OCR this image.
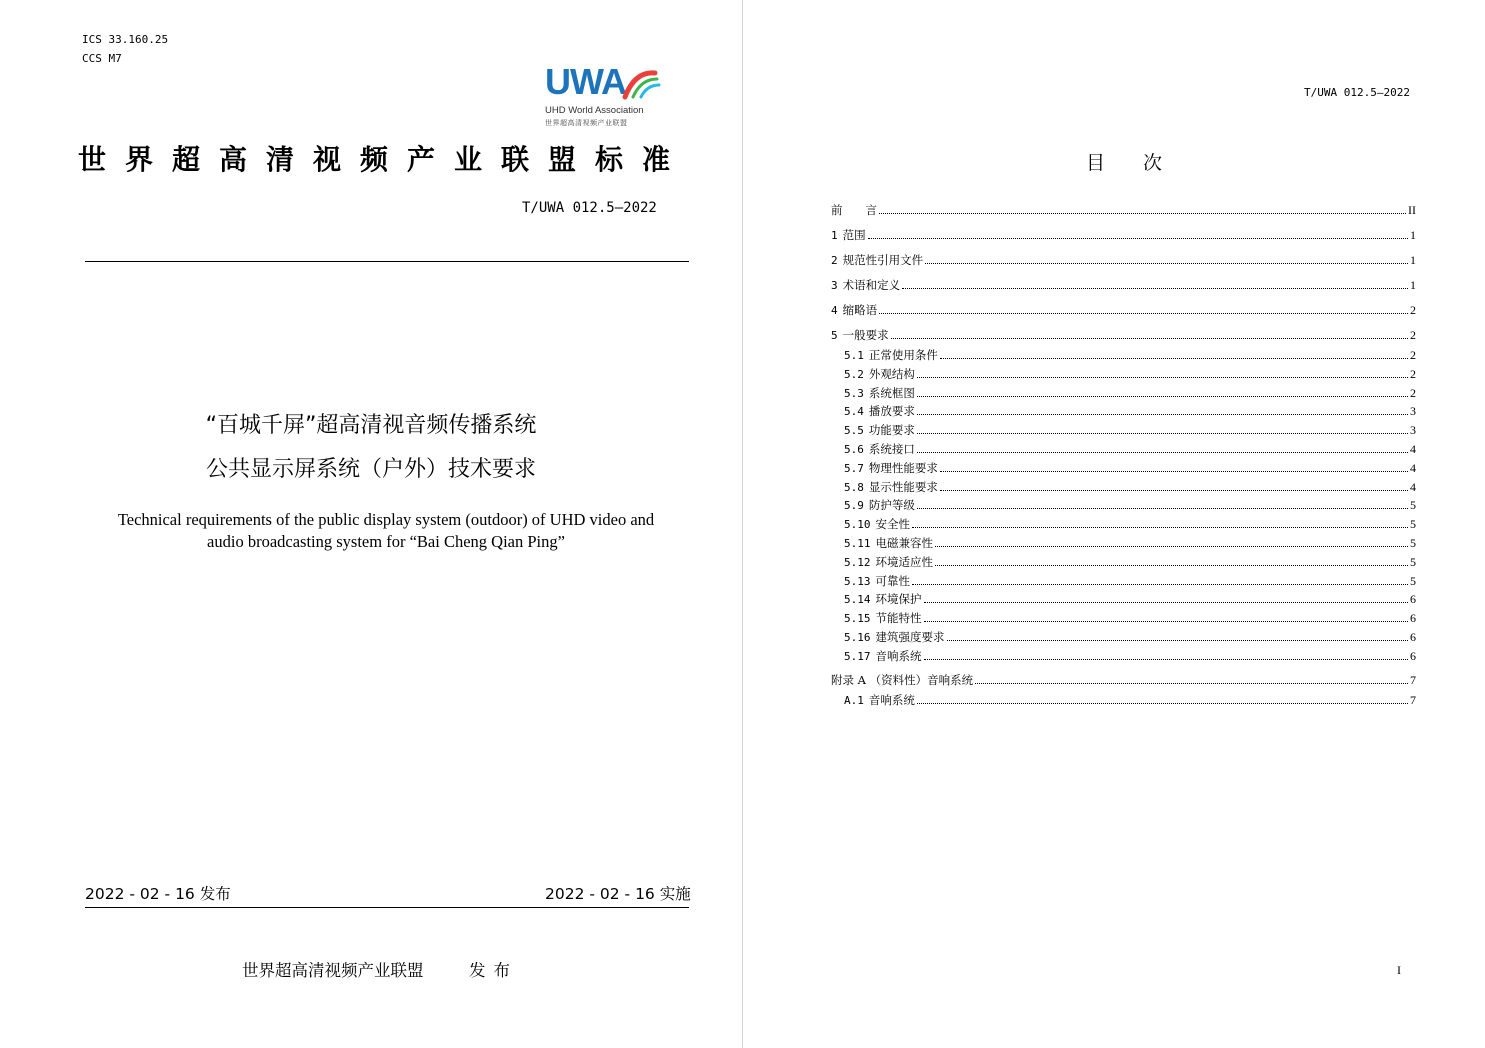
ICS 33.160.25
CCS M7
UWA
UHD World Association
世界超高清视频产业联盟
世界超高清视频产业联盟标准
T/UWA 012.5—2022
“百城千屏”超高清视音频传播系统
公共显示屏系统（户外）技术要求
Technical requirements of the public display system (outdoor) of UHD video and
audio broadcasting system for “Bai Cheng Qian Ping”
2022 - 02 - 16 发布	2022 - 02 - 16 实施
世界超高清视频产业联盟	发布
T/UWA 012.5—2022
目次
前　　言	II
1 范围	1
2 规范性引用文件	1
3 术语和定义	1
4 缩略语	2
5 一般要求	2
5.1 正常使用条件	2
5.2 外观结构	2
5.3 系统框图	2
5.4 播放要求	3
5.5 功能要求	3
5.6 系统接口	4
5.7 物理性能要求	4
5.8 显示性能要求	4
5.9 防护等级	5
5.10 安全性	5
5.11 电磁兼容性	5
5.12 环境适应性	5
5.13 可靠性	5
5.14 环境保护	6
5.15 节能特性	6
5.16 建筑强度要求	6
5.17 音响系统	6
附录 A （资料性）音响系统	7
A.1 音响系统	7
I
